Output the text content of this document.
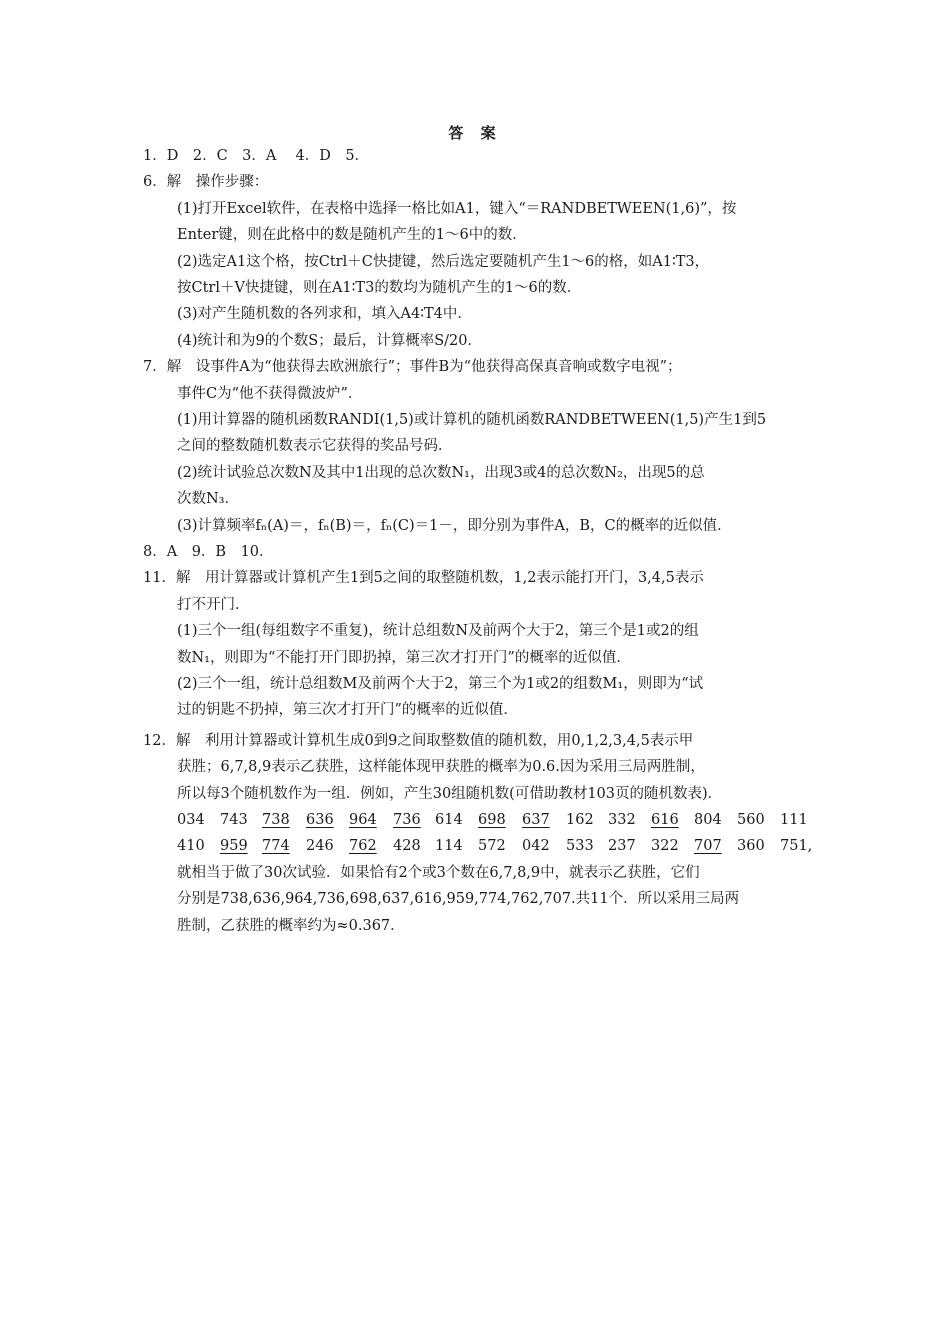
答 案
1．D　2．C　3．A　 4．D　5．
6．解　操作步骤：
(1)打开Excel软件，在表格中选择一格比如A1，键入“＝RANDBETWEEN(1,6)”，按
Enter键，则在此格中的数是随机产生的1～6中的数．
(2)选定A1这个格，按Ctrl＋C快捷键，然后选定要随机产生1～6的格，如A1∶T3，
按Ctrl＋V快捷键，则在A1∶T3的数均为随机产生的1～6的数．
(3)对产生随机数的各列求和，填入A4∶T4中．
(4)统计和为9的个数S；最后，计算概率S/20．
7．解　设事件A为“他获得去欧洲旅行”；事件B为“他获得高保真音响或数字电视”；
事件C为“他不获得微波炉”．
(1)用计算器的随机函数RANDI(1,5)或计算机的随机函数RANDBETWEEN(1,5)产生1到5
之间的整数随机数表示它获得的奖品号码．
(2)统计试验总次数N及其中1出现的总次数N₁，出现3或4的总次数N₂，出现5的总
次数N₃．
(3)计算频率fₙ(A)＝，fₙ(B)＝，fₙ(C)＝1－，即分别为事件A，B，C的概率的近似值．
8．A　9．B　10．
11．解　用计算器或计算机产生1到5之间的取整随机数，1,2表示能打开门，3,4,5表示
打不开门．
(1)三个一组(每组数字不重复)，统计总组数N及前两个大于2，第三个是1或2的组
数N₁，则即为“不能打开门即扔掉，第三次才打开门”的概率的近似值．
(2)三个一组，统计总组数M及前两个大于2，第三个为1或2的组数M₁，则即为“试
过的钥匙不扔掉，第三次才打开门”的概率的近似值．
12．解　利用计算器或计算机生成0到9之间取整数值的随机数，用0,1,2,3,4,5表示甲
获胜；6,7,8,9表示乙获胜，这样能体现甲获胜的概率为0.6.因为采用三局两胜制，
所以每3个随机数作为一组．例如，产生30组随机数(可借助教材103页的随机数表)．
034 743 738 636 964 736 614 698 637 162 332 616 804 560 111
410 959 774 246 762 428 114 572 042 533 237 322 707 360 751,
就相当于做了30次试验．如果恰有2个或3个数在6,7,8,9中，就表示乙获胜，它们
分别是738,636,964,736,698,637,616,959,774,762,707.共11个．所以采用三局两
胜制，乙获胜的概率约为≈0.367．
